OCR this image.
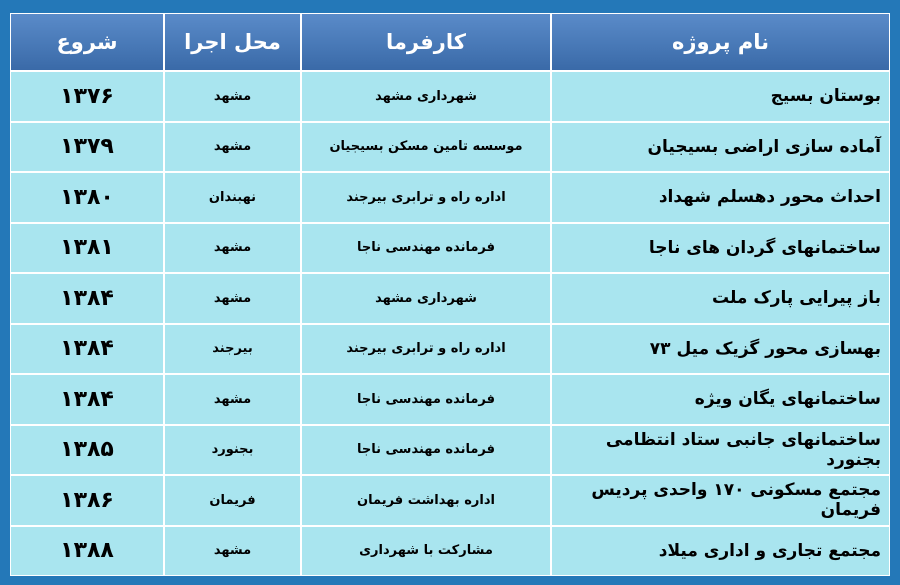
نام پروژه	کارفرما	محل اجرا	شروع
بوستان بسیج	شهرداری مشهد	مشهد	۱۳۷۶
آماده سازی اراضی بسیجیان	موسسه تامین مسکن بسیجیان	مشهد	۱۳۷۹
احداث محور دهسلم شهداد	اداره راه و ترابری بیرجند	نهبندان	۱۳۸۰
ساختمانهای گردان های ناجا	فرمانده مهندسی ناجا	مشهد	۱۳۸۱
باز پیرایی پارک ملت	شهرداری مشهد	مشهد	۱۳۸۴
بهسازی محور گزیک میل ۷۳	اداره راه و ترابری بیرجند	بیرجند	۱۳۸۴
ساختمانهای یگان ویژه	فرمانده مهندسی ناجا	مشهد	۱۳۸۴
ساختمانهای جانبی ستاد انتظامی بجنورد	فرمانده مهندسی ناجا	بجنورد	۱۳۸۵
مجتمع مسکونی ۱۷۰ واحدی پردیس فریمان	اداره بهداشت فریمان	فریمان	۱۳۸۶
مجتمع تجاری و اداری میلاد	مشارکت با شهرداری	مشهد	۱۳۸۸
